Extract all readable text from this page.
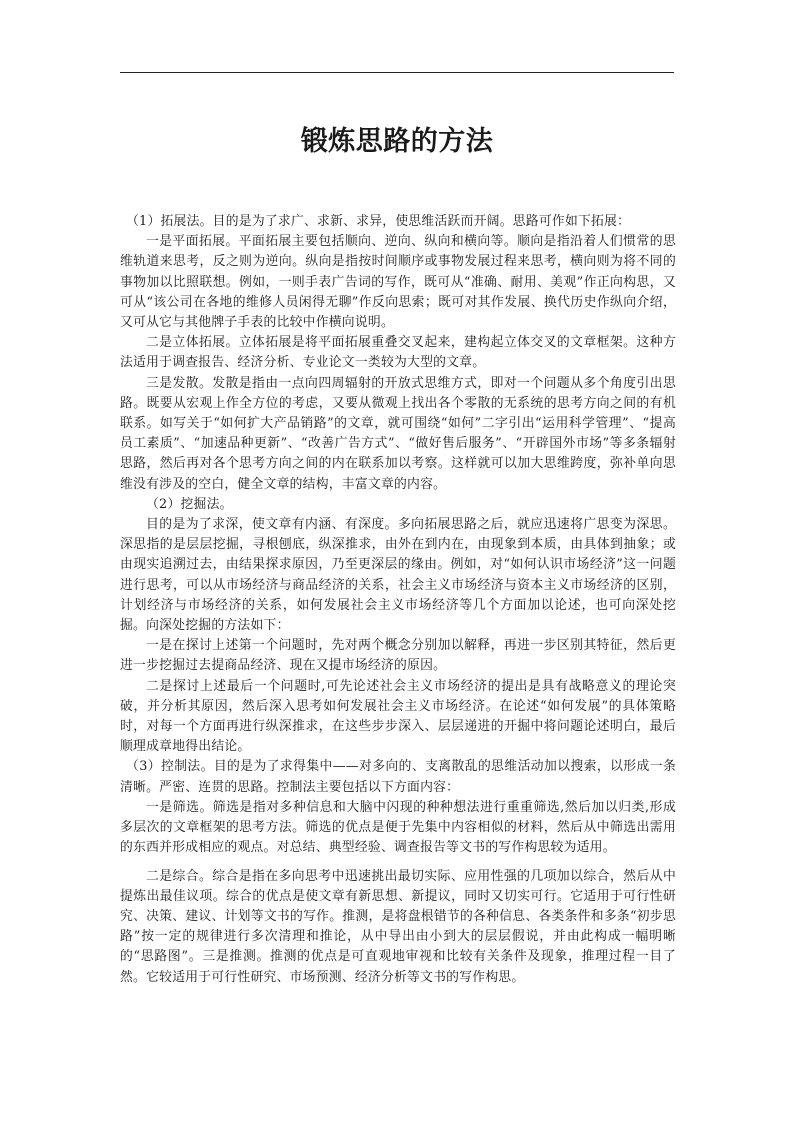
锻炼思路的方法

（1）拓展法。目的是为了求广、求新、求异，使思维活跃而开阔。思路可作如下拓展：

一是平面拓展。平面拓展主要包括顺向、逆向、纵向和横向等。顺向是指沿着人们惯常的思维轨道来思考，反之则为逆向。纵向是指按时间顺序或事物发展过程来思考，横向则为将不同的事物加以比照联想。例如，一则手表广告词的写作，既可从“准确、耐用、美观”作正向构思，又可从“该公司在各地的维修人员闲得无聊”作反向思索；既可对其作发展、换代历史作纵向介绍，又可从它与其他牌子手表的比较中作横向说明。

二是立体拓展。立体拓展是将平面拓展重叠交叉起来，建构起立体交叉的文章框架。这种方法适用于调查报告、经济分析、专业论文一类较为大型的文章。

三是发散。发散是指由一点向四周辐射的开放式思维方式，即对一个问题从多个角度引出思路。既要从宏观上作全方位的考虑，又要从微观上找出各个零散的无系统的思考方向之间的有机联系。如写关于“如何扩大产品销路”的文章，就可围绕“如何”二字引出“运用科学管理”、“提高员工素质”、“加速品种更新”、“改善广告方式”、“做好售后服务”、“开辟国外市场”等多条辐射思路，然后再对各个思考方向之间的内在联系加以考察。这样就可以加大思维跨度，弥补单向思维没有涉及的空白，健全文章的结构，丰富文章的内容。

（2）挖掘法。

目的是为了求深，使文章有内涵、有深度。多向拓展思路之后，就应迅速将广思变为深思。深思指的是层层挖掘，寻根刨底，纵深推求，由外在到内在，由现象到本质，由具体到抽象；或由现实追溯过去，由结果探求原因，乃至更深层的缘由。例如，对“如何认识市场经济”这一问题进行思考，可以从市场经济与商品经济的关系，社会主义市场经济与资本主义市场经济的区别，计划经济与市场经济的关系，如何发展社会主义市场经济等几个方面加以论述，也可向深处挖掘。向深处挖掘的方法如下：

一是在探讨上述第一个问题时，先对两个概念分别加以解释，再进一步区别其特征，然后更进一步挖掘过去提商品经济、现在又提市场经济的原因。

二是探讨上述最后一个问题时,可先论述社会主义市场经济的提出是具有战略意义的理论突破，并分析其原因，然后深入思考如何发展社会主义市场经济。在论述“如何发展”的具体策略时，对每一个方面再进行纵深推求，在这些步步深入、层层递进的开掘中将问题论述明白，最后顺理成章地得出结论。

（3）控制法。目的是为了求得集中——对多向的、支离散乱的思维活动加以搜索，以形成一条清晰。严密、连贯的思路。控制法主要包括以下方面内容：

一是筛选。筛选是指对多种信息和大脑中闪现的种种想法进行重重筛选,然后加以归类,形成多层次的文章框架的思考方法。筛选的优点是便于先集中内容相似的材料，然后从中筛选出需用的东西并形成相应的观点。对总结、典型经验、调查报告等文书的写作构思较为适用。

二是综合。综合是指在多向思考中迅速挑出最切实际、应用性强的几项加以综合，然后从中提炼出最佳议项。综合的优点是使文章有新思想、新提议，同时又切实可行。它适用于可行性研究、决策、建议、计划等文书的写作。推测，是将盘根错节的各种信息、各类条件和多条“初步思路”按一定的规律进行多次清理和推论，从中导出由小到大的层层假说，并由此构成一幅明晰的“思路图”。三是推测。推测的优点是可直观地审视和比较有关条件及现象，推理过程一目了然。它较适用于可行性研究、市场预测、经济分析等文书的写作构思。
